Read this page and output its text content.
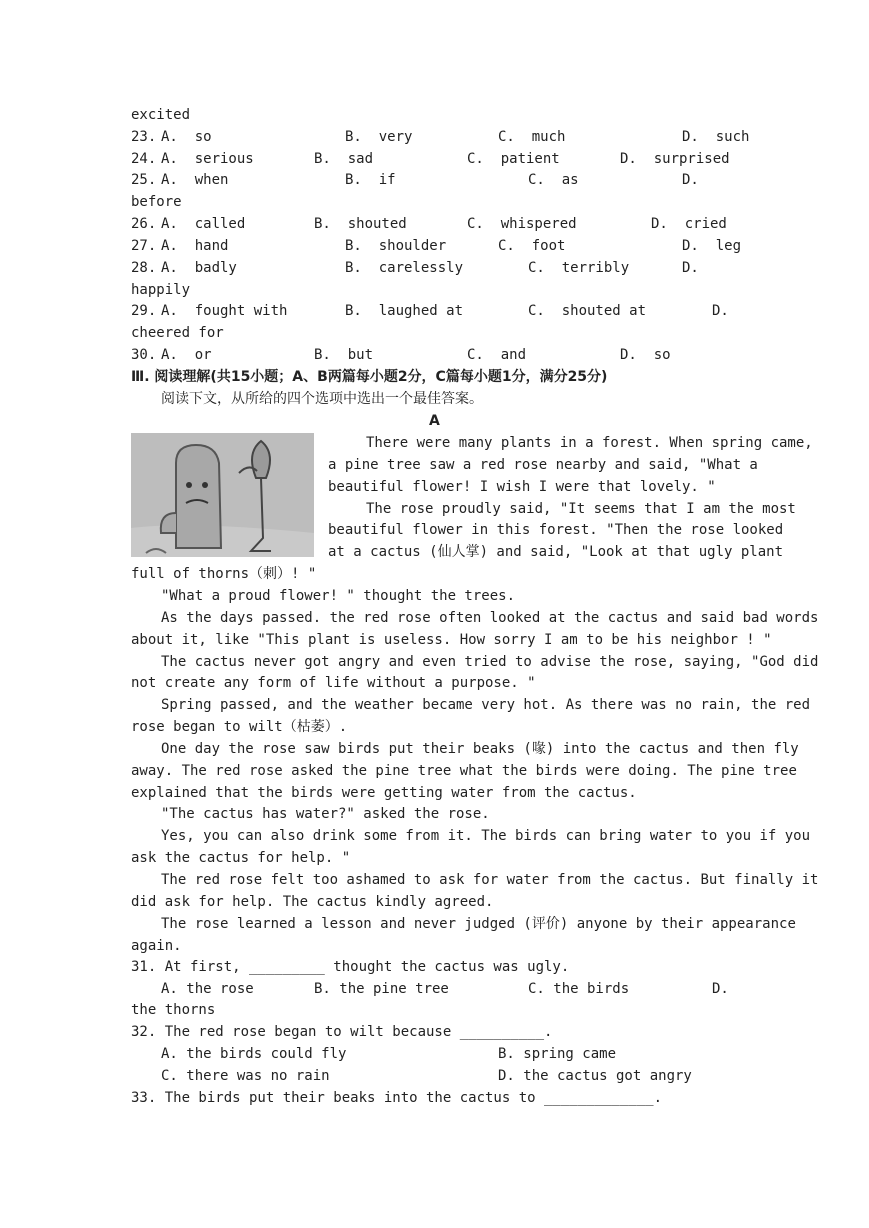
excited
23. A.  so	B.  very	C.  much	D.  such
24. A.  serious	B.  sad	C.  patient	D.  surprised
25. A.  when	B.  if	C.  as	D.
before
26. A.  called	B.  shouted	C.  whispered	D.  cried
27. A.  hand	B.  shoulder	C.  foot	D.  leg
28. A.  badly	B.  carelessly	C.  terribly	D.
happily
29. A.  fought with	B.  laughed at	C.  shouted at	D.
cheered for
30. A.  or	B.  but	C.  and	D.  so
Ⅲ. 阅读理解(共15小题；A、B两篇每小题2分，C篇每小题1分，满分25分)
阅读下文，从所给的四个选项中选出一个最佳答案。
A
There were many plants in a forest. When spring came,
a pine tree saw a red rose nearby and said, "What a
beautiful flower! I wish I were that lovely. "
The rose proudly said, "It seems that I am the most
beautiful flower in this forest. "Then the rose looked
at a cactus (仙人掌) and said, "Look at that ugly plant
full of thorns（刺）! "
"What a proud flower! " thought the trees.
As the days passed. the red rose often looked at the cactus and said bad words
about it, like "This plant is useless. How sorry I am to be his neighbor ! "
The cactus never got angry and even tried to advise the rose, saying, "God did
not create any form of life without a purpose. "
Spring passed, and the weather became very hot. As there was no rain, the red
rose began to wilt（枯萎）.
One day the rose saw birds put their beaks (喙) into the cactus and then fly
away. The red rose asked the pine tree what the birds were doing. The pine tree
explained that the birds were getting water from the cactus.
"The cactus has water?" asked the rose.
Yes, you can also drink some from it. The birds can bring water to you if you
ask the cactus for help. "
The red rose felt too ashamed to ask for water from the cactus. But finally it
did ask for help. The cactus kindly agreed.
The rose learned a lesson and never judged (评价) anyone by their appearance
again.
31. At first, _________ thought the cactus was ugly.
A. the rose	B. the pine tree	C. the birds	D.
the thorns
32. The red rose began to wilt because __________.
A. the birds could fly	B. spring came
C. there was no rain	D. the cactus got angry
33. The birds put their beaks into the cactus to _____________.
